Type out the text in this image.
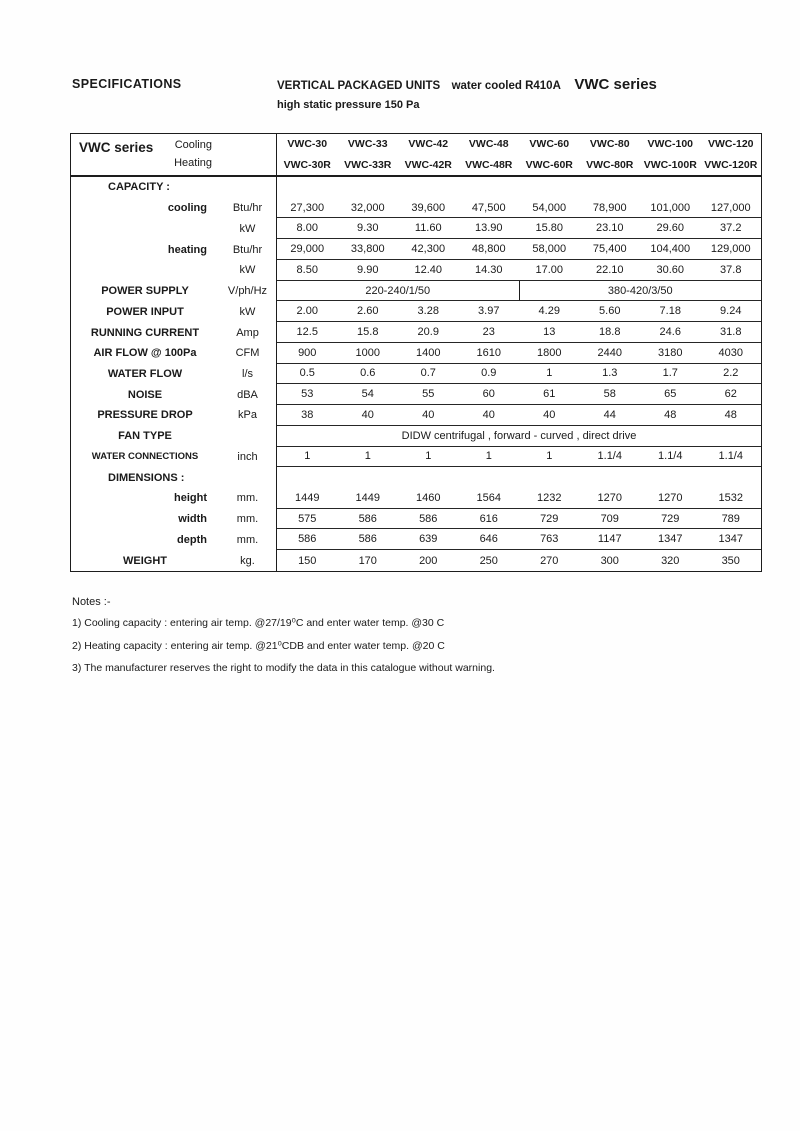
SPECIFICATIONS	VERTICAL PACKAGED UNITS water cooled R410A VWC series
high static pressure 150 Pa
VWC series Cooling
Heating
VWC-30	VWC-33	VWC-42	VWC-48	VWC-60	VWC-80	VWC-100	VWC-120
VWC-30R	VWC-33R	VWC-42R	VWC-48R	VWC-60R	VWC-80R VWC-100R VWC-120R
CAPACITY :
cooling	Btu/hr	27,300	32,000	39,600	47,500	54,000	78,900	101,000	127,000
kW	8.00	9.30	11.60	13.90	15.80	23.10	29.60	37.2
heating	Btu/hr	29,000	33,800	42,300	48,800	58,000	75,400	104,400	129,000
kW	8.50	9.90	12.40	14.30	17.00	22.10	30.60	37.8
POWER SUPPLY	V/ph/Hz	220-240/1/50	380-420/3/50
POWER INPUT	kW	2.00	2.60	3.28	3.97	4.29	5.60	7.18	9.24
RUNNING CURRENT	Amp	12.5	15.8	20.9	23	13	18.8	24.6	31.8
AIR FLOW @ 100Pa	CFM	900	1000	1400	1610	1800	2440	3180	4030
WATER FLOW	l/s	0.5	0.6	0.7	0.9	1	1.3	1.7	2.2
NOISE	dBA	53	54	55	60	61	58	65	62
PRESSURE DROP	kPa	38	40	40	40	40	44	48	48
FAN TYPE	DIDW centrifugal , forward - curved , direct drive
WATER CONNECTIONS	inch	1	1	1	1	1	1.1/4	1.1/4	1.1/4
DIMENSIONS :
height	mm.	1449	1449	1460	1564	1232	1270	1270	1532
width	mm.	575	586	586	616	729	709	729	789
depth	mm.	586	586	639	646	763	1147	1347	1347
WEIGHT	kg.	150	170	200	250	270	300	320	350
Notes :-
1) Cooling capacity : entering air temp. @27/19⁰C and enter water temp. @30 C
2) Heating capacity : entering air temp. @21⁰CDB and enter water temp. @20 C
3) The manufacturer reserves the right to modify the data in this catalogue without warning.
